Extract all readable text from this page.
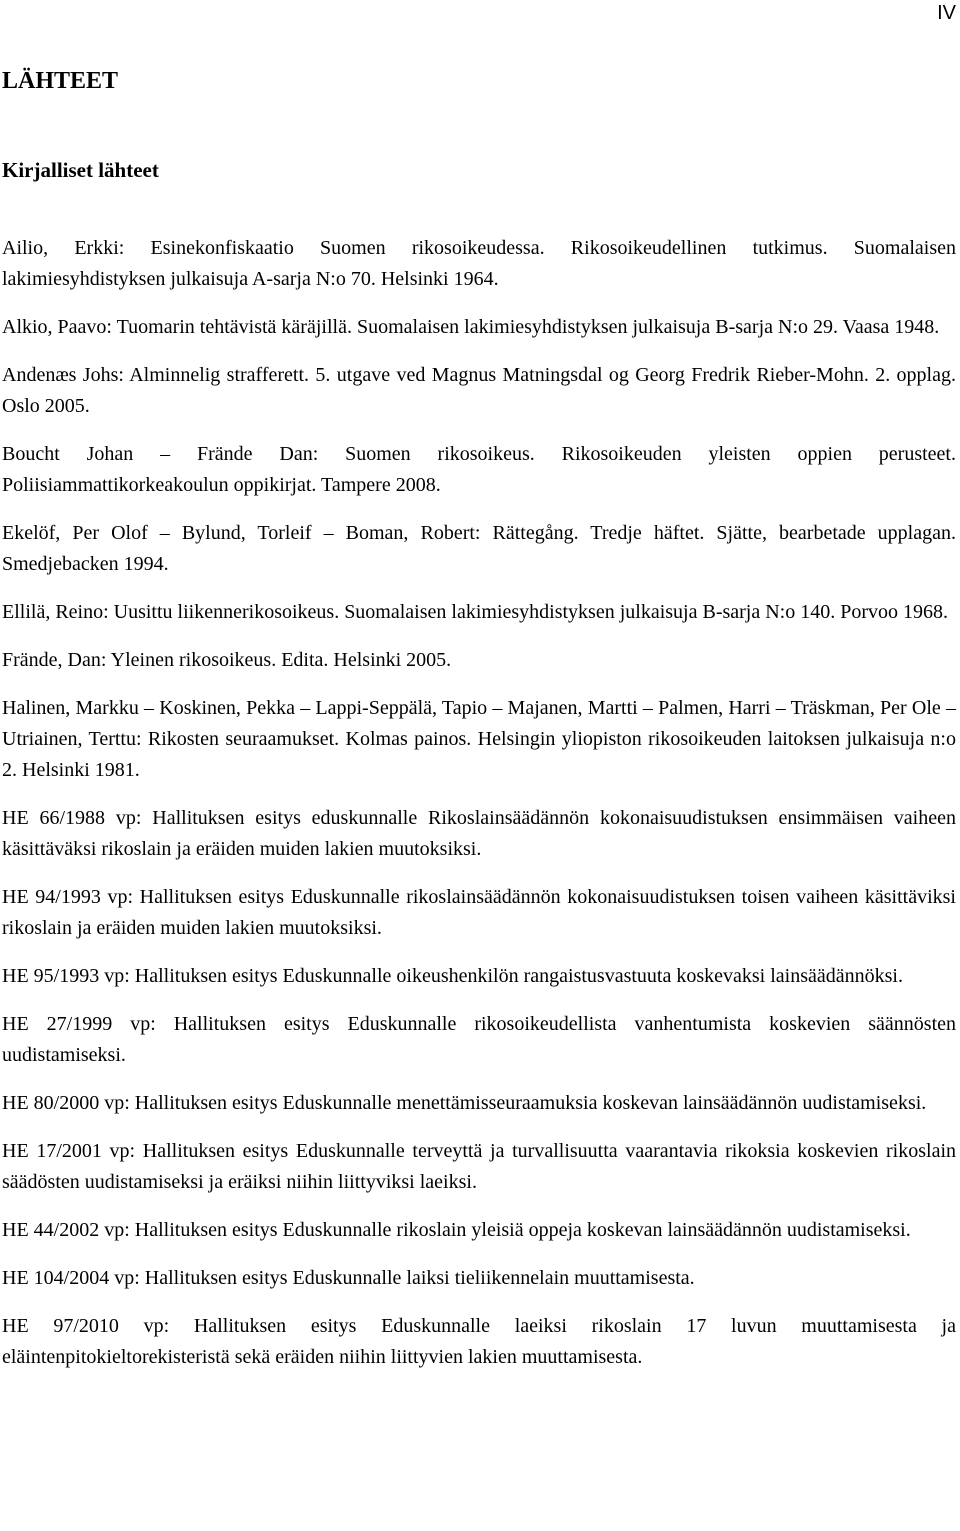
IV
LÄHTEET
Kirjalliset lähteet
Ailio, Erkki: Esinekonfiskaatio Suomen rikosoikeudessa. Rikosoikeudellinen tutkimus. Suomalaisen lakimiesyhdistyksen julkaisuja A-sarja N:o 70. Helsinki 1964.
Alkio, Paavo: Tuomarin tehtävistä käräjillä. Suomalaisen lakimiesyhdistyksen julkaisuja B-sarja N:o 29. Vaasa 1948.
Andenæs Johs: Alminnelig strafferett. 5. utgave ved Magnus Matningsdal og Georg Fredrik Rieber-Mohn. 2. opplag. Oslo 2005.
Boucht Johan – Frände Dan: Suomen rikosoikeus. Rikosoikeuden yleisten oppien perusteet. Poliisiammattikorkeakoulun oppikirjat. Tampere 2008.
Ekelöf, Per Olof – Bylund, Torleif – Boman, Robert: Rättegång. Tredje häftet. Sjätte, bearbetade upplagan. Smedjebacken 1994.
Ellilä, Reino: Uusittu liikennerikosoikeus. Suomalaisen lakimiesyhdistyksen julkaisuja B-sarja N:o 140. Porvoo 1968.
Frände, Dan: Yleinen rikosoikeus. Edita. Helsinki 2005.
Halinen, Markku – Koskinen, Pekka – Lappi-Seppälä, Tapio – Majanen, Martti – Palmen, Harri – Träskman, Per Ole – Utriainen, Terttu: Rikosten seuraamukset. Kolmas painos. Helsingin yliopiston rikosoikeuden laitoksen julkaisuja n:o 2. Helsinki 1981.
HE 66/1988 vp: Hallituksen esitys eduskunnalle Rikoslainsäädännön kokonaisuudistuksen ensimmäisen vaiheen käsittäväksi rikoslain ja eräiden muiden lakien muutoksiksi.
HE 94/1993 vp: Hallituksen esitys Eduskunnalle rikoslainsäädännön kokonaisuudistuksen toisen vaiheen käsittäviksi rikoslain ja eräiden muiden lakien muutoksiksi.
HE 95/1993 vp: Hallituksen esitys Eduskunnalle oikeushenkilön rangaistusvastuuta koskevaksi lainsäädännöksi.
HE 27/1999 vp: Hallituksen esitys Eduskunnalle rikosoikeudellista vanhentumista koskevien säännösten uudistamiseksi.
HE 80/2000 vp: Hallituksen esitys Eduskunnalle menettämisseuraamuksia koskevan lainsäädännön uudistamiseksi.
HE 17/2001 vp: Hallituksen esitys Eduskunnalle terveyttä ja turvallisuutta vaarantavia rikoksia koskevien rikoslain säädösten uudistamiseksi ja eräiksi niihin liittyviksi laeiksi.
HE 44/2002 vp: Hallituksen esitys Eduskunnalle rikoslain yleisiä oppeja koskevan lainsäädännön uudistamiseksi.
HE 104/2004 vp: Hallituksen esitys Eduskunnalle laiksi tieliikennelain muuttamisesta.
HE 97/2010 vp: Hallituksen esitys Eduskunnalle laeiksi rikoslain 17 luvun muuttamisesta ja eläintenpitokieltorekisteristä sekä eräiden niihin liittyvien lakien muuttamisesta.
